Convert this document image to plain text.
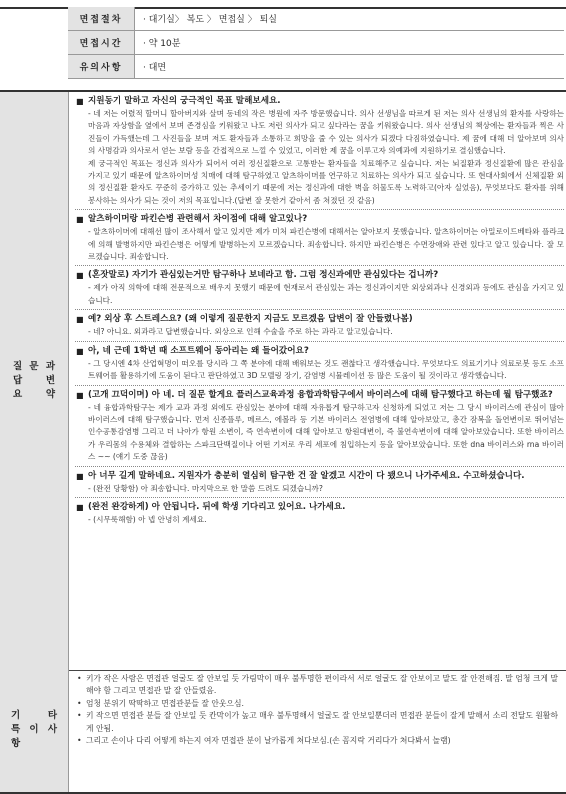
면접절차	· 대기실〉 복도 〉 면접실 〉 퇴실
면접시간	· 약 10분
유의사항	· 대면
질 문 과
답 변
요 약
■ 지원동기 말하고 자신의 궁극적인 목표 말해보세요.
- 네 저는 어렸적 할머니 할아버지와 살며 동네의 작은 병원에 자주 방문했습니다. 의사 선생님을 따르게 된 저는 의사 선생님의 환자를 사랑하는 마음과 자상함을 옆에서 보며 존경심을 키워왔고 나도 저런 의사가 되고 싶다라는 꿈을 키워왔습니다. 의사 선생님의 책상에는 환자들과 찍은 사진들이 가득했는데 그 사진들을 보며 저도 환자들과 소통하고 희망을 줄 수 있는 의사가 되겠다 다짐하였습니다. 제 꿈에 대해 더 알아보며 의사의 사명감과 의사로서 얻는 보람 등을 간접적으로 느낄 수 있었고, 이러한 제 꿈을 이루고자 의예과에 지원하기로 결심했습니다.
제 궁극적인 목표는 정신과 의사가 되어서 여러 정신질환으로 고통받는 환자들을 치료해주고 싶습니다. 저는 뇌질환과 정신질환에 많은 관심을 가지고 있기 때문에 알츠하이머성 치매에 대해 탐구하였고 알츠하이머를 연구하고 치료하는 의사가 되고 싶습니다. 또 현대사회에서 신체질환 외의 정신질환 환자도 꾸준히 증가하고 있는 추세이기 때문에 저는 정신과에 대한 벽을 허물도록 노력하고(아자 실었음), 무엇보다도 환자를 위해 봉사하는 의사가 되는 것이 저의 목표입니다.(답변 잘 못한거 같아서 좀 쳐졌던 것 같음)
■ 알츠하이머랑 파킨슨병 관련해서 차이점에 대해 알고있나?
- 알츠하이머에 대해선 많이 조사해서 알고 있지만 제가 미처 파킨슨병에 대해서는 알아보지 못했습니다. 알츠하이머는 아밀로이드베타와 플라크에 의해 발병하지만 파킨슨병은 어떻게 발병하는지 모르겠습니다. 죄송합니다. 하지만 파킨슨병은 수면장애와 관련 있다고 알고 있습니다. 잘 모르겠습니다. 죄송합니다.
■ (혼잣말로) 자기가 관심있는거만 탐구하나 보네라고 함. 그럼 정신과에만 관심있다는 겁니까?
- 제가 아직 의학에 대해 전문적으로 배우지 못했기 때문에 현재로서 관심있는 과는 정신과이지만 외상외과나 신경외과 등에도 관심을 가지고 있습니다.
■ 예? 외상 후 스트레스요? (왜 이렇게 질문한지 지금도 모르겠음 답변이 잘 안들렸나봄)
- 네? 아니요. 외과라고 답변했습니다. 외상으로 인해 수술을 주로 하는 과라고 알고있습니다.
■ 아, 네 근데 1학년 때 소프트웨어 동아리는 왜 들어갔어요?
- 그 당시엔 4차 산업혁명이 떠오를 당시라 그 쪽 분야에 대해 배워보는 것도 괜찮다고 생각했습니다. 무엇보다도 의료기기나 의료로봇 등도 소프트웨어를 활용하기에 도움이 된다고 판단하였고 3D 모델링 장기, 감염병 시뮬레이션 등 많은 도움이 될 것이라고 생각했습니다.
■ (고개 끄덕이며) 아 네. 더 질문 할게요 플러스교육과정 융합과학탐구에서 바이러스에 대해 탐구했다고 하는데 뭘 탐구했죠?
- 네 융합과학탐구는 제가 교과 과정 외에도 관심있는 분야에 대해 자유롭게 탐구하고자 신청하게 되었고 저는 그 당시 바이러스에 관심이 많아 바이러스에 대해 탐구했습니다. 먼저 신종플루, 메르스, 에볼라 등 기본 바이러스 전염병에 대해 알아보았고, 총간 잠복을 돌연변이로 뛰어넘는 인수공통감염병 그리고 더 나아가 항원 소변이, 즉 연속변이에 대해 알아보고 항원대변이, 즉 불연속변이에 대해 알아보았습니다. 또한 바이러스가 우리몸의 수용체와 결합하는 스파크단백질이나 어떤 기저로 우리 세포에 침입하는지 등을 알아보았습니다. 또한 dna 바이러스와 rna 바이러스 ~~ (얘기 도중 끊음)
■ 아 너무 길게 말하네요. 지원자가 충분히 열심히 탐구한 건 잘 알겠고 시간이 다 됐으니 나가주세요. 수고하셨습니다.
- (완전 당황함) 아 죄송합니다. 마지막으로 한 말씀 드려도 되겠습니까?
■ (완전 완강하게) 아 안됩니다. 뒤에 학생 기다리고 있어요. 나가세요.
- (시무룩해함) 아 넵 안녕히 계세요.
기 타
특 이 사 항
• 키가 작은 사람은 면접관 얼굴도 잘 안보일 듯 가림막이 매우 불투명한 편이라서 서로 얼굴도 잘 안보이고 말도 잘 안전해짐. 말 엄청 크게 말해야 함 그리고 면접관 말 잘 안들렸음.
• 엄청 분위기 딱딱하고 면접관분들 잘 안웃으심.
• 키 작으면 면접관 분들 잘 안보일 듯 칸막이가 높고 매우 불투명해서 얼굴도 잘 안보일뿐더러 면접관 분들이 잘게 말해서 소리 전달도 원활하게 안됨.
• 그리고 손이나 다리 어떻게 하는지 여자 면접관 분이 날카롭게 쳐다보심.(손 꼼지락 거리다가 쳐다봐서 놀램)
